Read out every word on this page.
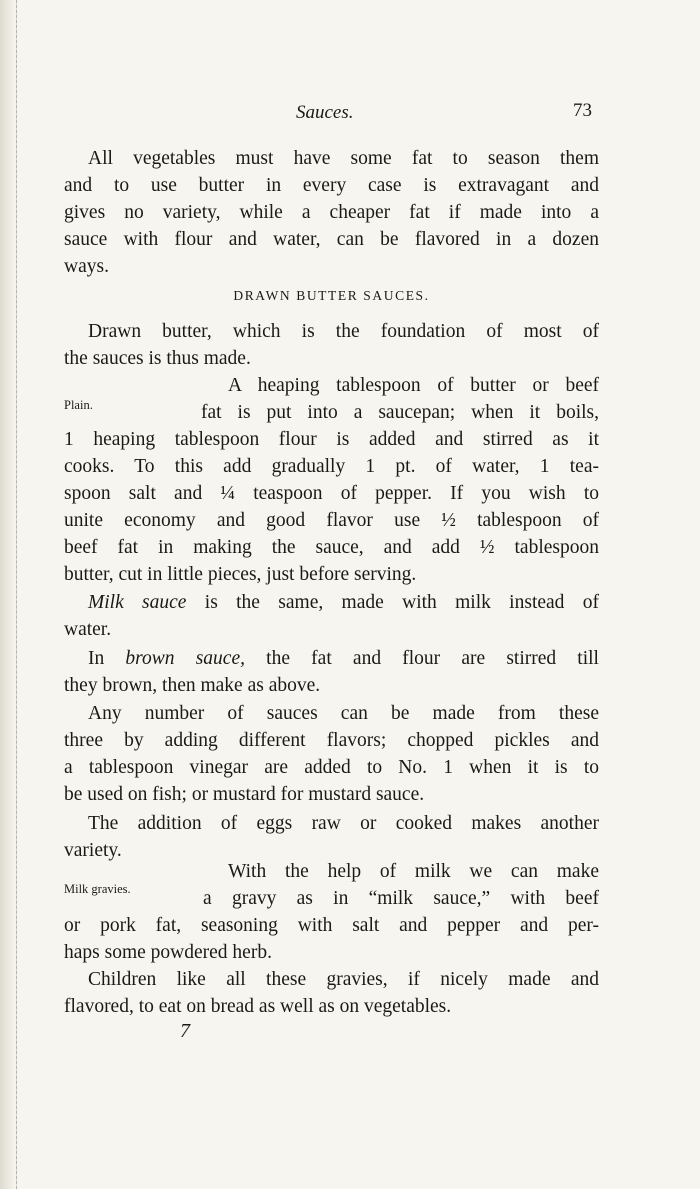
Sauces.	73
All vegetables must have some fat to season them
and to use butter in every case is extravagant and
gives no variety, while a cheaper fat if made into a
sauce with flour and water, can be flavored in a dozen
ways.
DRAWN BUTTER SAUCES.
Drawn butter, which is the foundation of most of
the sauces is thus made.
Plain.
A heaping tablespoon of butter or beef
fat is put into a saucepan; when it boils,
1 heaping tablespoon flour is added and stirred as it
cooks. To this add gradually 1 pt. of water, 1 tea-
spoon salt and ¼ teaspoon of pepper. If you wish to
unite economy and good flavor use ½ tablespoon of
beef fat in making the sauce, and add ½ tablespoon
butter, cut in little pieces, just before serving.
Milk sauce is the same, made with milk instead of
water.
In brown sauce, the fat and flour are stirred till
they brown, then make as above.
Any number of sauces can be made from these
three by adding different flavors; chopped pickles and
a tablespoon vinegar are added to No. 1 when it is to
be used on fish; or mustard for mustard sauce.
The addition of eggs raw or cooked makes another
variety.
Milk gravies.
With the help of milk we can make
a gravy as in “milk sauce,” with beef
or pork fat, seasoning with salt and pepper and per-
haps some powdered herb.
Children like all these gravies, if nicely made and
flavored, to eat on bread as well as on vegetables.
7
